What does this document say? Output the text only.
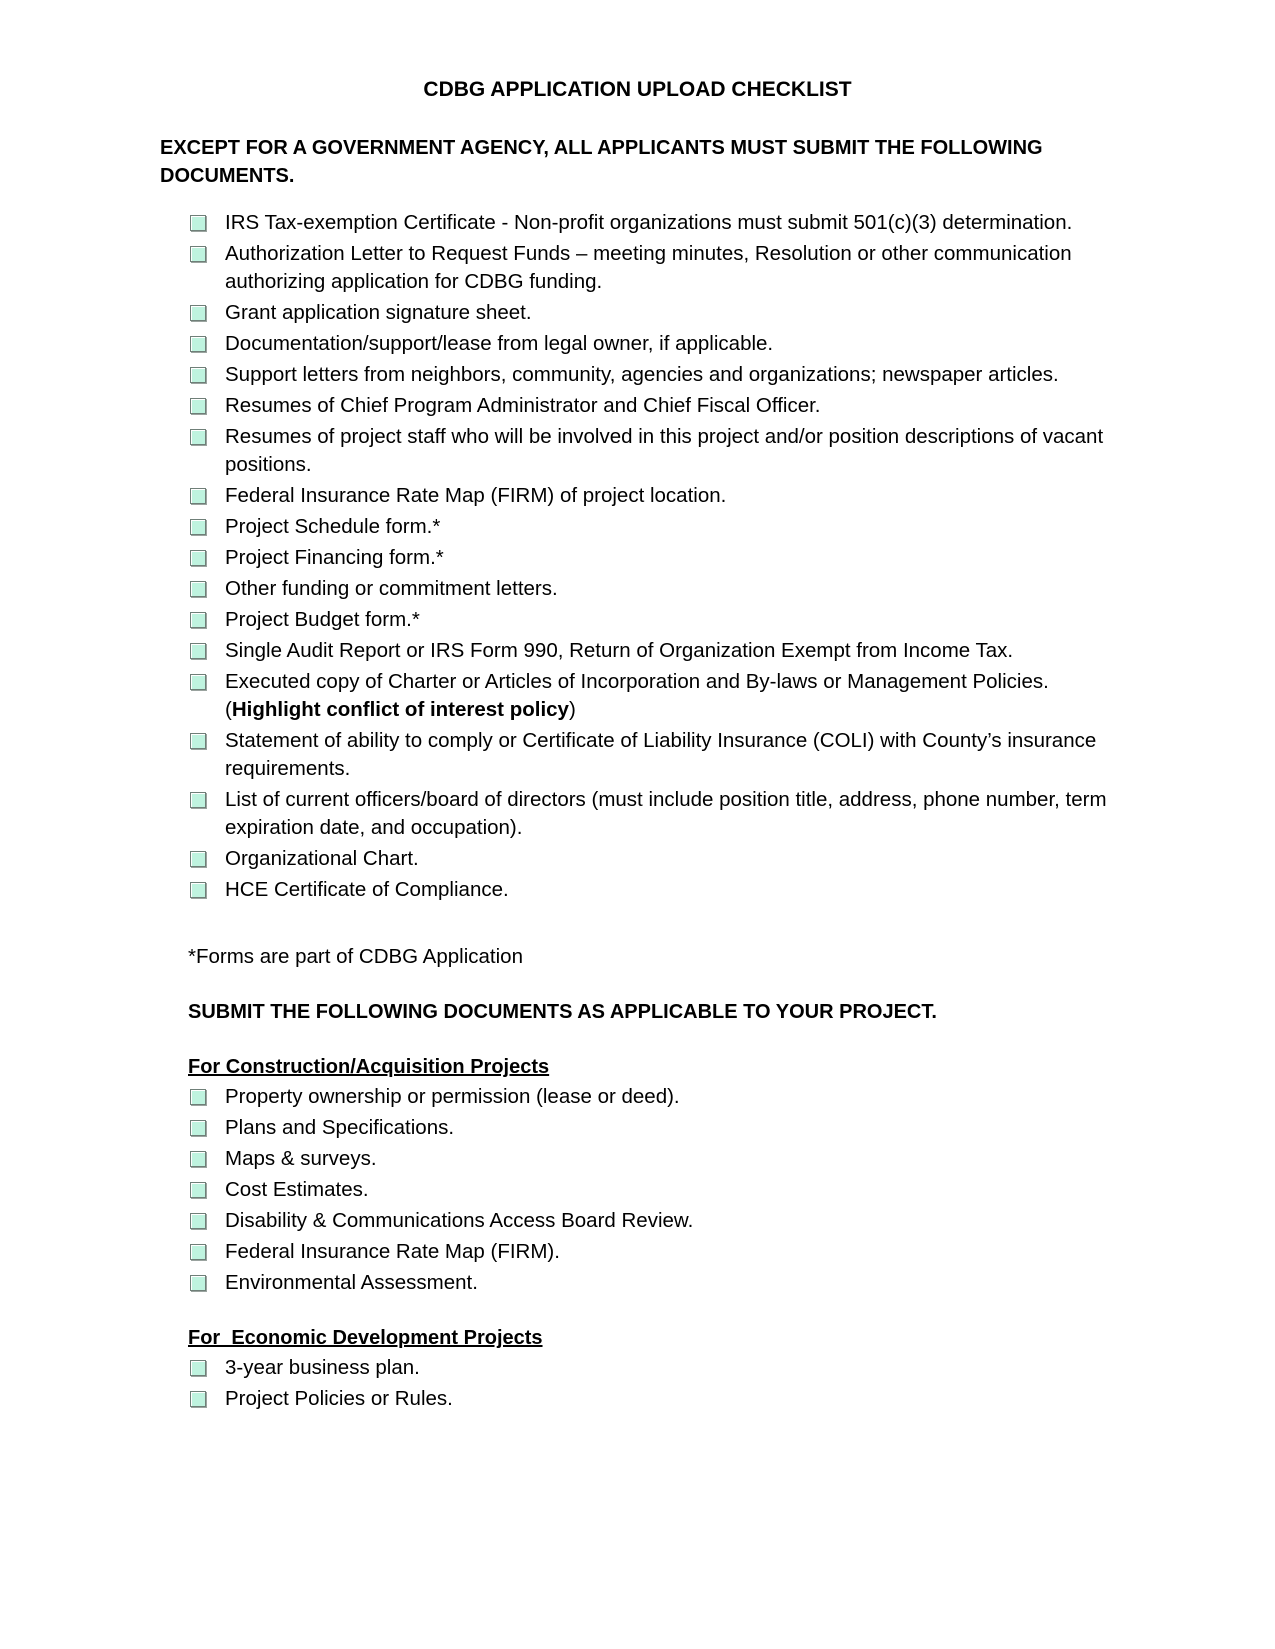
CDBG APPLICATION UPLOAD CHECKLIST
EXCEPT FOR A GOVERNMENT AGENCY, ALL APPLICANTS MUST SUBMIT THE FOLLOWING DOCUMENTS.
IRS Tax-exemption Certificate - Non-profit organizations must submit 501(c)(3) determination.
Authorization Letter to Request Funds – meeting minutes, Resolution or other communication authorizing application for CDBG funding.
Grant application signature sheet.
Documentation/support/lease from legal owner, if applicable.
Support letters from neighbors, community, agencies and organizations; newspaper articles.
Resumes of Chief Program Administrator and Chief Fiscal Officer.
Resumes of project staff who will be involved in this project and/or position descriptions of vacant positions.
Federal Insurance Rate Map (FIRM) of project location.
Project Schedule form.*
Project Financing form.*
Other funding or commitment letters.
Project Budget form.*
Single Audit Report or IRS Form 990, Return of Organization Exempt from Income Tax.
Executed copy of Charter or Articles of Incorporation and By-laws or Management Policies.
(Highlight conflict of interest policy)
Statement of ability to comply or Certificate of Liability Insurance (COLI) with County’s insurance requirements.
List of current officers/board of directors (must include position title, address, phone number, term expiration date, and occupation).
Organizational Chart.
HCE Certificate of Compliance.
*Forms are part of CDBG Application
SUBMIT THE FOLLOWING DOCUMENTS AS APPLICABLE TO YOUR PROJECT.
For Construction/Acquisition Projects
Property ownership or permission (lease or deed).
Plans and Specifications.
Maps & surveys.
Cost Estimates.
Disability & Communications Access Board Review.
Federal Insurance Rate Map (FIRM).
Environmental Assessment.
For  Economic Development Projects
3-year business plan.
Project Policies or Rules.
